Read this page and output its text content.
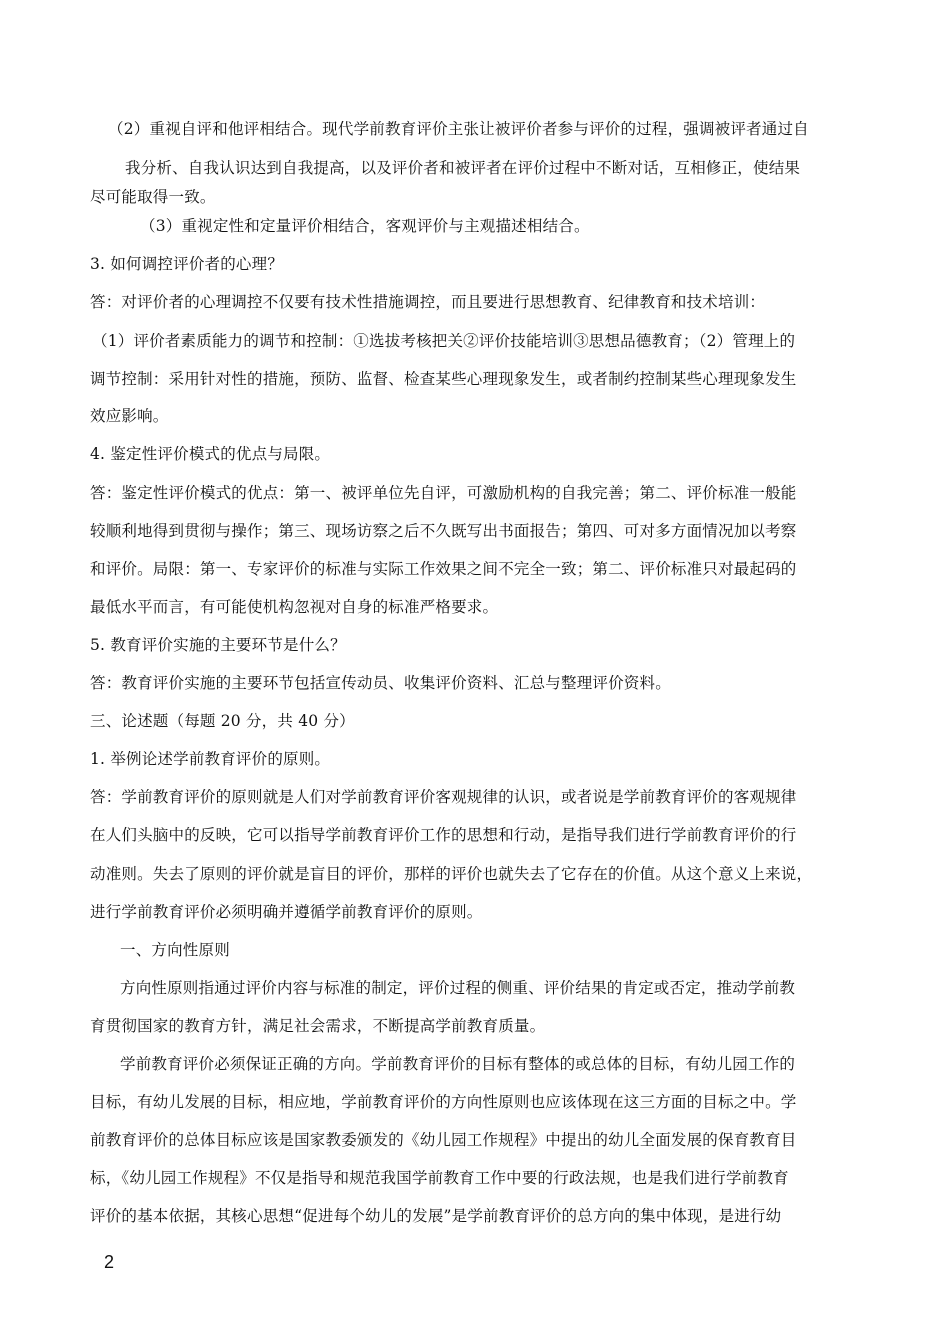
（2）重视自评和他评相结合。现代学前教育评价主张让被评价者参与评价的过程，强调被评者通过自
我分析、自我认识达到自我提高，以及评价者和被评者在评价过程中不断对话，互相修正，使结果
尽可能取得一致。
（3）重视定性和定量评价相结合，客观评价与主观描述相结合。
3. 如何调控评价者的心理？
答：对评价者的心理调控不仅要有技术性措施调控，而且要进行思想教育、纪律教育和技术培训：
（1）评价者素质能力的调节和控制：①选拔考核把关②评价技能培训③思想品德教育；（2）管理上的
调节控制：采用针对性的措施，预防、监督、检查某些心理现象发生，或者制约控制某些心理现象发生
效应影响。
4. 鉴定性评价模式的优点与局限。
答：鉴定性评价模式的优点：第一、被评单位先自评，可激励机构的自我完善；第二、评价标准一般能
较顺利地得到贯彻与操作；第三、现场访察之后不久既写出书面报告；第四、可对多方面情况加以考察
和评价。局限：第一、专家评价的标准与实际工作效果之间不完全一致；第二、评价标准只对最起码的
最低水平而言，有可能使机构忽视对自身的标准严格要求。
5. 教育评价实施的主要环节是什么？
答：教育评价实施的主要环节包括宣传动员、收集评价资料、汇总与整理评价资料。
三、论述题（每题 20 分，共 40 分）
1. 举例论述学前教育评价的原则。
答：学前教育评价的原则就是人们对学前教育评价客观规律的认识，或者说是学前教育评价的客观规律
在人们头脑中的反映，它可以指导学前教育评价工作的思想和行动，是指导我们进行学前教育评价的行
动准则。失去了原则的评价就是盲目的评价，那样的评价也就失去了它存在的价值。从这个意义上来说，
进行学前教育评价必须明确并遵循学前教育评价的原则。
一、方向性原则
方向性原则指通过评价内容与标准的制定，评价过程的侧重、评价结果的肯定或否定，推动学前教
育贯彻国家的教育方针，满足社会需求，不断提高学前教育质量。
学前教育评价必须保证正确的方向。学前教育评价的目标有整体的或总体的目标，有幼儿园工作的
目标，有幼儿发展的目标，相应地，学前教育评价的方向性原则也应该体现在这三方面的目标之中。学
前教育评价的总体目标应该是国家教委颁发的《幼儿园工作规程》中提出的幼儿全面发展的保育教育目
标，《幼儿园工作规程》不仅是指导和规范我国学前教育工作中要的行政法规，也是我们进行学前教育
评价的基本依据，其核心思想“促进每个幼儿的发展”是学前教育评价的总方向的集中体现，是进行幼
2
